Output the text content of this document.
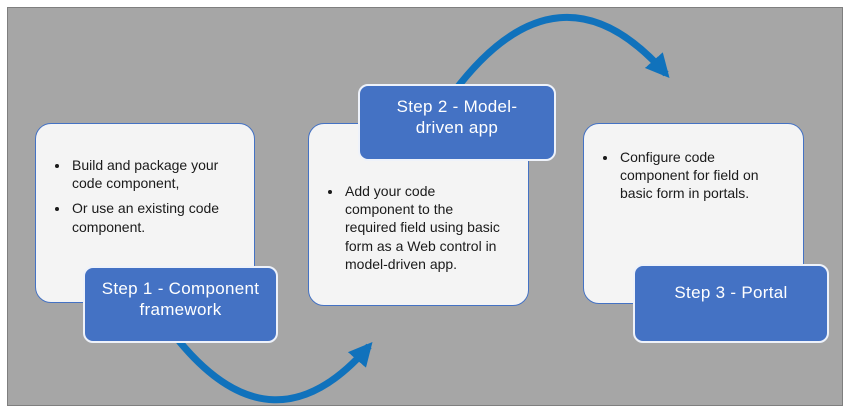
• Build and package your code component,
• Or use an existing code component.
• Add your code component to the required field using basic form as a Web control in model-driven app.
• Configure code component for field on basic form in portals.
Step 1 - Component framework
Step 2 - Model-driven app
Step 3 - Portal
